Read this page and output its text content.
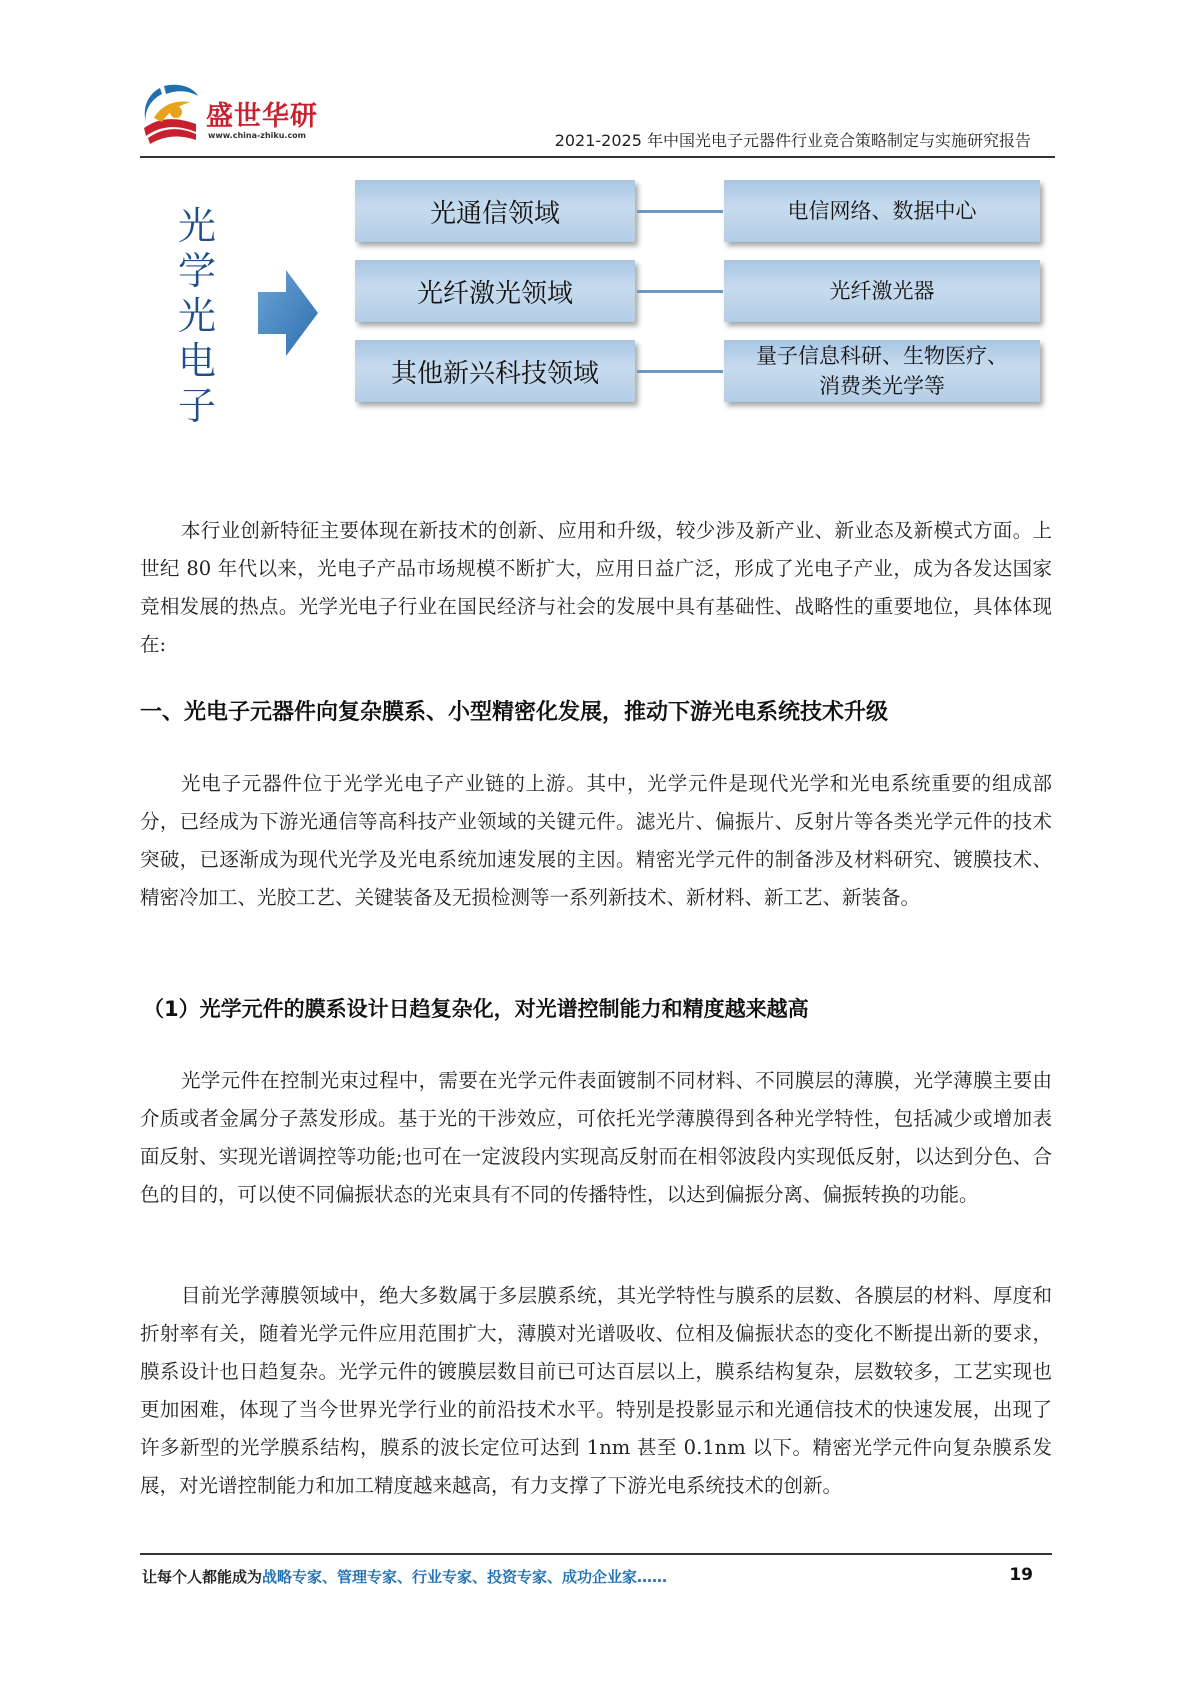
盛世华研
www.china-zhiku.com	2021-2025 年中国光电子元器件行业竞合策略制定与实施研究报告
光
学
光
电
子
光通信领域	电信网络、数据中心
光纤激光领域	光纤激光器
其他新兴科技领域
量子信息科研、生物医疗、
消费类光学等

本行业创新特征主要体现在新技术的创新、应用和升级，较少涉及新产业、新业态及新模式方面。上世纪 80 年代以来，光电子产品市场规模不断扩大，应用日益广泛，形成了光电子产业，成为各发达国家竞相发展的热点。光学光电子行业在国民经济与社会的发展中具有基础性、战略性的重要地位，具体体现在:

一、光电子元器件向复杂膜系、小型精密化发展，推动下游光电系统技术升级

光电子元器件位于光学光电子产业链的上游。其中，光学元件是现代光学和光电系统重要的组成部分，已经成为下游光通信等高科技产业领域的关键元件。滤光片、偏振片、反射片等各类光学元件的技术突破，已逐渐成为现代光学及光电系统加速发展的主因。精密光学元件的制备涉及材料研究、镀膜技术、精密冷加工、光胶工艺、关键装备及无损检测等一系列新技术、新材料、新工艺、新装备。

（1）光学元件的膜系设计日趋复杂化，对光谱控制能力和精度越来越高

光学元件在控制光束过程中，需要在光学元件表面镀制不同材料、不同膜层的薄膜，光学薄膜主要由介质或者金属分子蒸发形成。基于光的干涉效应，可依托光学薄膜得到各种光学特性，包括减少或增加表面反射、实现光谱调控等功能;也可在一定波段内实现高反射而在相邻波段内实现低反射，以达到分色、合色的目的，可以使不同偏振状态的光束具有不同的传播特性，以达到偏振分离、偏振转换的功能。

目前光学薄膜领域中，绝大多数属于多层膜系统，其光学特性与膜系的层数、各膜层的材料、厚度和折射率有关，随着光学元件应用范围扩大，薄膜对光谱吸收、位相及偏振状态的变化不断提出新的要求，膜系设计也日趋复杂。光学元件的镀膜层数目前已可达百层以上，膜系结构复杂，层数较多，工艺实现也更加困难，体现了当今世界光学行业的前沿技术水平。特别是投影显示和光通信技术的快速发展，出现了许多新型的光学膜系结构，膜系的波长定位可达到 1nm 甚至 0.1nm 以下。精密光学元件向复杂膜系发展，对光谱控制能力和加工精度越来越高，有力支撑了下游光电系统技术的创新。

让每个人都能成为战略专家、管理专家、行业专家、投资专家、成功企业家……	19
